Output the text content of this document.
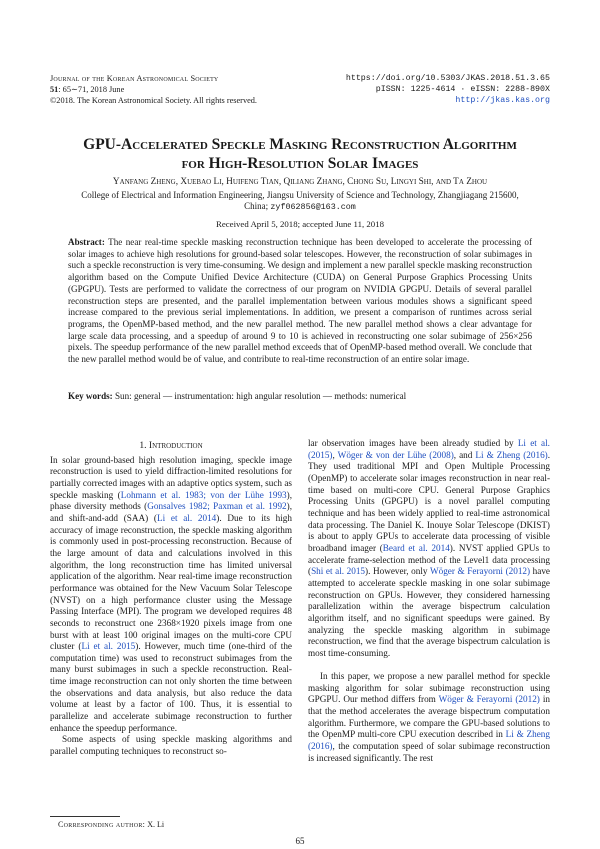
Journal of the Korean Astronomical Society
51: 65∼71, 2018 June
©2018. The Korean Astronomical Society. All rights reserved.
https://doi.org/10.5303/JKAS.2018.51.3.65
pISSN: 1225-4614 · eISSN: 2288-890X
http://jkas.kas.org
GPU-Accelerated Speckle Masking Reconstruction Algorithm
for High-Resolution Solar Images
Yanfang Zheng, Xuebao Li, Huifeng Tian, Qiliang Zhang, Chong Su, Lingyi Shi, and Ta Zhou
College of Electrical and Information Engineering, Jiangsu University of Science and Technology, Zhangjiagang 215600,
China; zyf062856@163.com
Received April 5, 2018; accepted June 11, 2018
Abstract: The near real-time speckle masking reconstruction technique has been developed to accelerate the processing of solar images to achieve high resolutions for ground-based solar telescopes. However, the reconstruction of solar subimages in such a speckle reconstruction is very time-consuming. We design and implement a new parallel speckle masking reconstruction algorithm based on the Compute Unified Device Architecture (CUDA) on General Purpose Graphics Processing Units (GPGPU). Tests are performed to validate the correctness of our program on NVIDIA GPGPU. Details of several parallel reconstruction steps are presented, and the parallel implementation between various modules shows a significant speed increase compared to the previous serial implementations. In addition, we present a comparison of runtimes across serial programs, the OpenMP-based method, and the new parallel method. The new parallel method shows a clear advantage for large scale data processing, and a speedup of around 9 to 10 is achieved in reconstructing one solar subimage of 256×256 pixels. The speedup performance of the new parallel method exceeds that of OpenMP-based method overall. We conclude that the new parallel method would be of value, and contribute to real-time reconstruction of an entire solar image.
Key words: Sun: general — instrumentation: high angular resolution — methods: numerical
1. Introduction

In solar ground-based high resolution imaging, speckle image reconstruction is used to yield diffraction-limited resolutions for partially corrected images with an adaptive optics system, such as speckle masking (Lohmann et al. 1983; von der Lühe 1993), phase diversity methods (Gonsalves 1982; Paxman et al. 1992), and shift-and-add (SAA) (Li et al. 2014). Due to its high accuracy of image reconstruction, the speckle masking algorithm is commonly used in post-processing reconstruction. Because of the large amount of data and calculations involved in this algorithm, the long reconstruction time has limited universal application of the algorithm. Near real-time image reconstruction performance was obtained for the New Vacuum Solar Telescope (NVST) on a high performance cluster using the Message Passing Interface (MPI). The program we developed requires 48 seconds to reconstruct one 2368×1920 pixels image from one burst with at least 100 original images on the multi-core CPU cluster (Li et al. 2015). However, much time (one-third of the computation time) was used to reconstruct subimages from the many burst subimages in such a speckle reconstruction. Real-time image reconstruction can not only shorten the time between the observations and data analysis, but also reduce the data volume at least by a factor of 100. Thus, it is essential to parallelize and accelerate subimage reconstruction to further enhance the speedup performance.

Some aspects of using speckle masking algorithms and parallel computing techniques to reconstruct so-

lar observation images have been already studied by Li et al. (2015), Wöger & von der Lühe (2008), and Li & Zheng (2016). They used traditional MPI and Open Multiple Processing (OpenMP) to accelerate solar images reconstruction in near real-time based on multi-core CPU. General Purpose Graphics Processing Units (GPGPU) is a novel parallel computing technique and has been widely applied to real-time astronomical data processing. The Daniel K. Inouye Solar Telescope (DKIST) is about to apply GPUs to accelerate data processing of visible broadband imager (Beard et al. 2014). NVST applied GPUs to accelerate frame-selection method of the Level1 data processing (Shi et al. 2015). However, only Wöger & Ferayorni (2012) have attempted to accelerate speckle masking in one solar subimage reconstruction on GPUs. However, they considered harnessing parallelization within the average bispectrum calculation algorithm itself, and no significant speedups were gained. By analyzing the speckle masking algorithm in subimage reconstruction, we find that the average bispectrum calculation is most time-consuming.

In this paper, we propose a new parallel method for speckle masking algorithm for solar subimage reconstruction using GPGPU. Our method differs from Wöger & Ferayorni (2012) in that the method accelerates the average bispectrum computation algorithm. Furthermore, we compare the GPU-based solutions to the OpenMP multi-core CPU execution described in Li & Zheng (2016), the computation speed of solar subimage reconstruction is increased significantly. The rest

Corresponding author: X. Li
65
